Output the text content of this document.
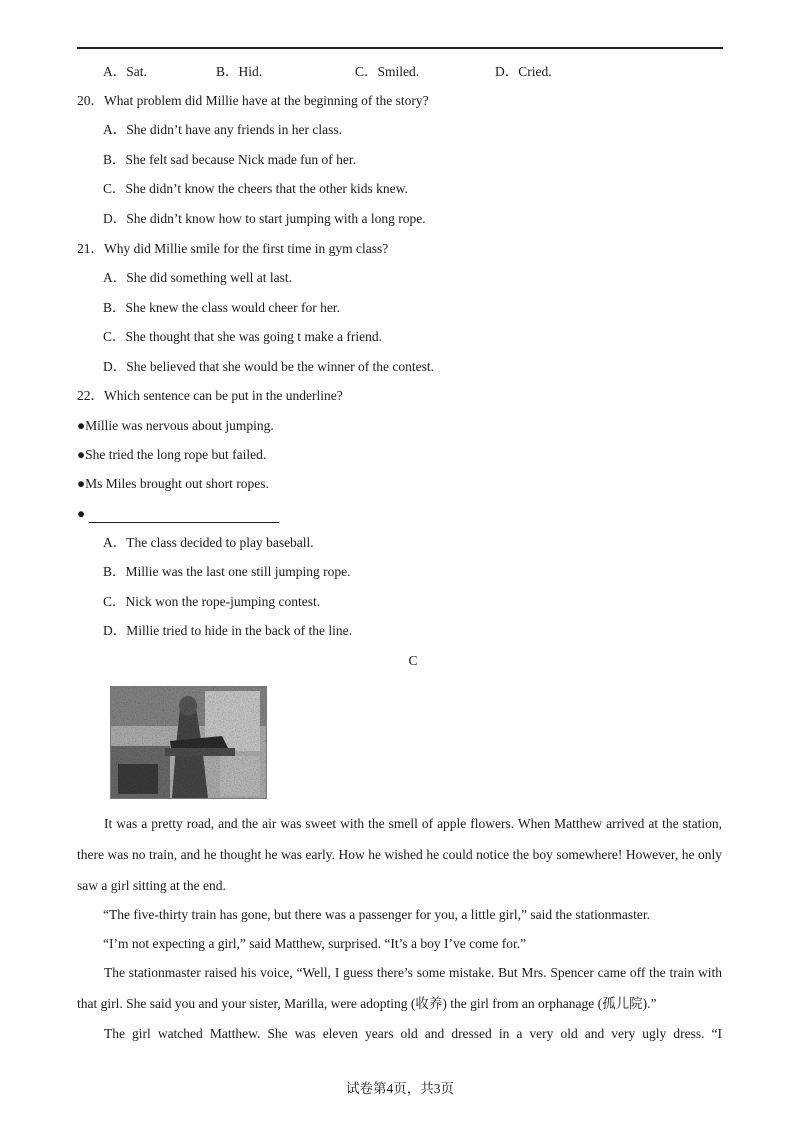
A．Sat.	B．Hid.	C．Smiled.	D．Cried.
20．What problem did Millie have at the beginning of the story?
A．She didn’t have any friends in her class.
B．She felt sad because Nick made fun of her.
C．She didn’t know the cheers that the other kids knew.
D．She didn’t know how to start jumping with a long rope.
21．Why did Millie smile for the first time in gym class?
A．She did something well at last.
B．She knew the class would cheer for her.
C．She thought that she was going t make a friend.
D．She believed that she would be the winner of the contest.
22．Which sentence can be put in the underline?
●Millie was nervous about jumping.
●She tried the long rope but failed.
●Ms Miles brought out short ropes.
●
A．The class decided to play baseball.
B．Millie was the last one still jumping rope.
C．Nick won the rope-jumping contest.
D．Millie tried to hide in the back of the line.
C
It was a pretty road, and the air was sweet with the smell of apple flowers. When Matthew arrived at the station, there was no train, and he thought he was early. How he wished he could notice the boy somewhere! However, he only saw a girl sitting at the end.
“The five-thirty train has gone, but there was a passenger for you, a little girl,” said the stationmaster.
“I’m not expecting a girl,” said Matthew, surprised. “It’s a boy I’ve come for.”
The stationmaster raised his voice, “Well, I guess there’s some mistake. But Mrs. Spencer came off the train with that girl. She said you and your sister, Marilla, were adopting (收养) the girl from an orphanage (孤儿院).”
The girl watched Matthew. She was eleven years old and dressed in a very old and very ugly dress. “I
试卷第4页，共3页
